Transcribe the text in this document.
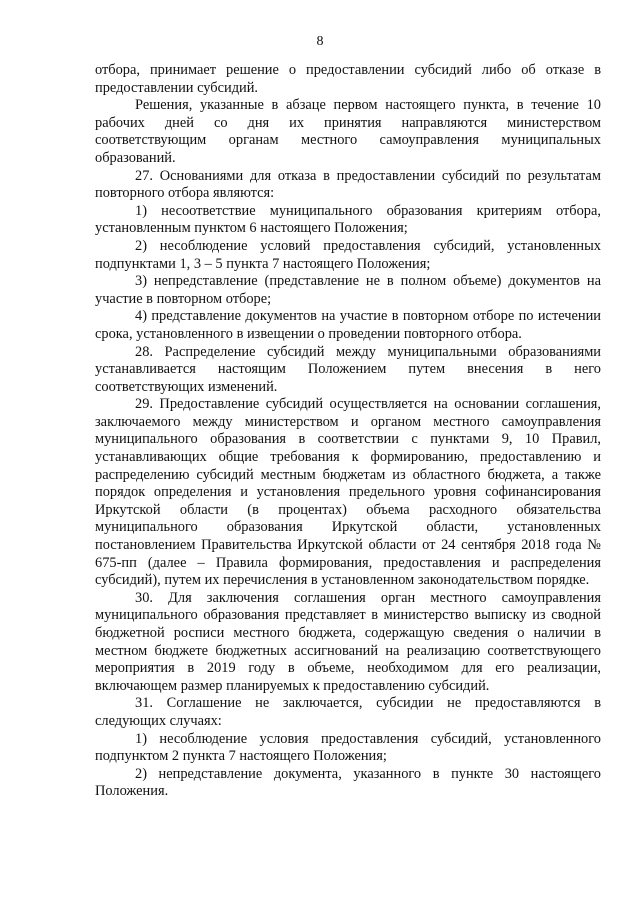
8

отбора, принимает решение о предоставлении субсидий либо об отказе в предоставлении субсидий.

Решения, указанные в абзаце первом настоящего пункта, в течение 10 рабочих дней со дня их принятия направляются министерством соответствующим органам местного самоуправления муниципальных образований.

27. Основаниями для отказа в предоставлении субсидий по результатам повторного отбора являются:

1) несоответствие муниципального образования критериям отбора, установленным пунктом 6 настоящего Положения;

2) несоблюдение условий предоставления субсидий, установленных подпунктами 1, 3 – 5 пункта 7 настоящего Положения;

3) непредставление (представление не в полном объеме) документов на участие в повторном отборе;

4) представление документов на участие в повторном отборе по истечении срока, установленного в извещении о проведении повторного отбора.

28. Распределение субсидий между муниципальными образованиями устанавливается настоящим Положением путем внесения в него соответствующих изменений.

29. Предоставление субсидий осуществляется на основании соглашения, заключаемого между министерством и органом местного самоуправления муниципального образования в соответствии с пунктами 9, 10 Правил, устанавливающих общие требования к формированию, предоставлению и распределению субсидий местным бюджетам из областного бюджета, а также порядок определения и установления предельного уровня софинансирования Иркутской области (в процентах) объема расходного обязательства муниципального образования Иркутской области, установленных постановлением Правительства Иркутской области от 24 сентября 2018 года № 675-пп (далее – Правила формирования, предоставления и распределения субсидий), путем их перечисления в установленном законодательством порядке.

30. Для заключения соглашения орган местного самоуправления муниципального образования представляет в министерство выписку из сводной бюджетной росписи местного бюджета, содержащую сведения о наличии в местном бюджете бюджетных ассигнований на реализацию соответствующего мероприятия в 2019 году в объеме, необходимом для его реализации, включающем размер планируемых к предоставлению субсидий.

31. Соглашение не заключается, субсидии не предоставляются в следующих случаях:

1) несоблюдение условия предоставления субсидий, установленного подпунктом 2 пункта 7 настоящего Положения;

2) непредставление документа, указанного в пункте 30 настоящего Положения.
